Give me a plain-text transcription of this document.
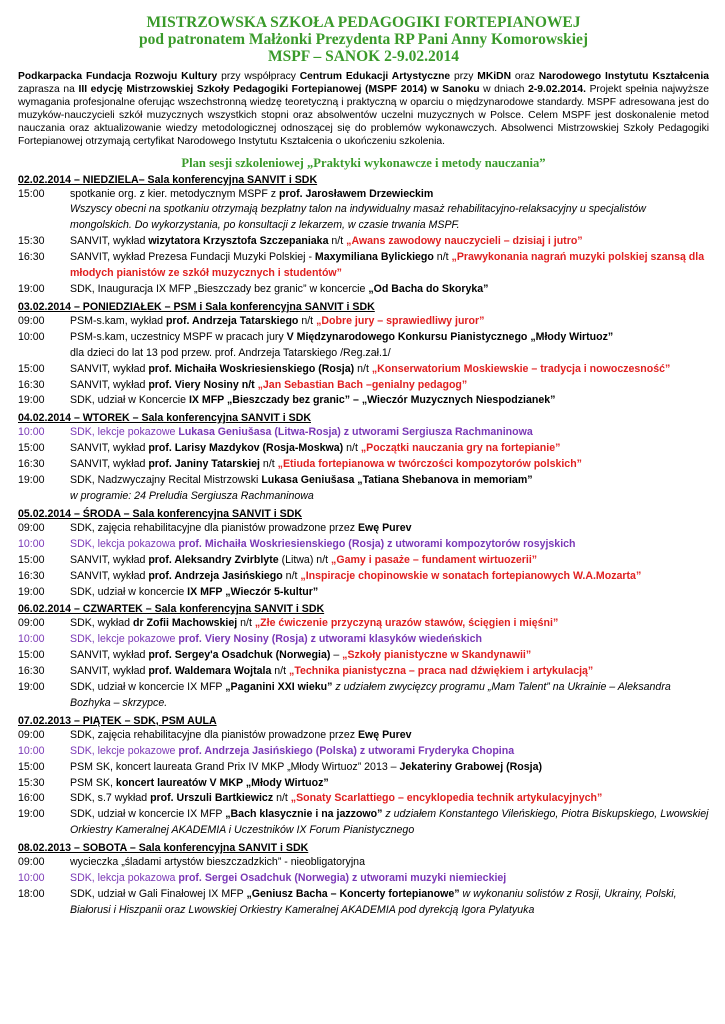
MISTRZOWSKA SZKOŁA PEDAGOGIKI FORTEPIANOWEJ
pod patronatem Małżonki Prezydenta RP Pani Anny Komorowskiej
MSPF – SANOK 2-9.02.2014
Podkarpacka Fundacja Rozwoju Kultury przy współpracy Centrum Edukacji Artystyczne przy MKiDN oraz Narodowego Instytutu Kształcenia zaprasza na III edycję Mistrzowskiej Szkoły Pedagogiki Fortepianowej (MSPF 2014) w Sanoku w dniach 2-9.02.2014. Projekt spełnia najwyższe wymagania profesjonalne oferując wszechstronną wiedzę teoretyczną i praktyczną w oparciu o międzynarodowe standardy. MSPF adresowana jest do muzyków-nauczycieli szkół muzycznych wszystkich stopni oraz absolwentów uczelni muzycznych w Polsce. Celem MSPF jest doskonalenie metod nauczania oraz aktualizowanie wiedzy metodologicznej odnoszącej się do problemów wykonawczych. Absolwenci Mistrzowskiej Szkoły Pedagogiki Fortepianowej otrzymają certyfikat Narodowego Instytutu Kształcenia o ukończeniu szkolenia.
Plan sesji szkoleniowej „Praktyki wykonawcze i metody nauczania”
02.02.2014 – NIEDZIELA– Sala konferencyjna SANVIT i SDK
15:00	spotkanie org. z kier. metodycznym MSPF z prof. Jarosławem Drzewieckim
Wszyscy obecni na spotkaniu otrzymają bezpłatny talon na indywidualny masaż rehabilitacyjno-relaksacyjny u specjalistów mongolskich. Do wykorzystania, po konsultacji z lekarzem, w czasie trwania MSPF.
15:30	SANVIT, wykład wizytatora Krzysztofa Szczepaniaka n/t „Awans zawodowy nauczycieli – dzisiaj i jutro”
16:30	SANVIT, wykład Prezesa Fundacji Muzyki Polskiej - Maxymiliana Bylickiego n/t „Prawykonania nagrań muzyki polskiej szansą dla młodych pianistów ze szkół muzycznych i studentów”
19:00	SDK, Inauguracja IX MFP „Bieszczady bez granic” w koncercie „Od Bacha do Skoryka”
03.02.2014 – PONIEDZIAŁEK – PSM i Sala konferencyjna SANVIT i SDK
09:00	PSM-s.kam, wykład prof. Andrzeja Tatarskiego n/t „Dobre jury – sprawiedliwy juror”
10:00	PSM-s.kam, uczestnicy MSPF w pracach jury V Międzynarodowego Konkursu Pianistycznego „Młody Wirtuoz”
dla dzieci do lat 13 pod przew. prof. Andrzeja Tatarskiego /Reg.zał.1/
15:00	SANVIT, wykład prof. Michaiła Woskriesienskiego (Rosja) n/t „Konserwatorium Moskiewskie – tradycja i nowoczesność”
16:30	SANVIT, wykład prof. Viery Nosiny n/t „Jan Sebastian Bach –genialny pedagog”
19:00	SDK, udział w Koncercie IX MFP „Bieszczady bez granic” – „Wieczór Muzycznych Niespodzianek”
04.02.2014 – WTOREK – Sala konferencyjna SANVIT i SDK
10:00	SDK, lekcje pokazowe Lukasa Geniušasa (Litwa-Rosja) z utworami Sergiusza Rachmaninowa
15:00	SANVIT, wykład prof. Larisy Mazdykov (Rosja-Moskwa) n/t „Początki nauczania gry na fortepianie”
16:30	SANVIT, wykład prof. Janiny Tatarskiej n/t „Etiuda fortepianowa w twórczości kompozytorów polskich”
19:00	SDK, Nadzwyczajny Recital Mistrzowski Lukasa Geniušasa „Tatiana Shebanova in memoriam”
w programie: 24 Preludia Sergiusza Rachmaninowa
05.02.2014 – ŚRODA – Sala konferencyjna SANVIT i SDK
09:00	SDK, zajęcia rehabilitacyjne dla pianistów prowadzone przez Ewę Purev
10:00	SDK, lekcja pokazowa prof. Michaiła Woskriesienskiego (Rosja) z utworami kompozytorów rosyjskich
15:00	SANVIT, wykład prof. Aleksandry Zvirblyte (Litwa) n/t „Gamy i pasaże – fundament wirtuozerii”
16:30	SANVIT, wykład prof. Andrzeja Jasińskiego n/t „Inspiracje chopinowskie w sonatach fortepianowych W.A.Mozarta”
19:00	SDK, udział w koncercie IX MFP „Wieczór 5-kultur”
06.02.2014 – CZWARTEK – Sala konferencyjna SANVIT i SDK
09:00	SDK, wykład dr Zofii Machowskiej n/t „Złe ćwiczenie przyczyną urazów stawów, ścięgien i mięśni”
10:00	SDK, lekcje pokazowe prof. Viery Nosiny (Rosja) z utworami klasyków wiedeńskich
15:00	SANVIT, wykład prof. Sergey'a Osadchuk (Norwegia) – „Szkoły pianistyczne w Skandynawii”
16:30	SANVIT, wykład prof. Waldemara Wojtala n/t „Technika pianistyczna – praca nad dźwiękiem i artykulacją”
19:00	SDK, udział w koncercie IX MFP „Paganini XXI wieku” z udziałem zwycięzcy programu „Mam Talent” na Ukrainie – Aleksandra Bozhyka – skrzypce.
07.02.2013 – PIĄTEK – SDK, PSM AULA
09:00	SDK, zajęcia rehabilitacyjne dla pianistów prowadzone przez Ewę Purev
10:00	SDK, lekcje pokazowe prof. Andrzeja Jasińskiego (Polska) z utworami Fryderyka Chopina
15:00	PSM SK, koncert laureata Grand Prix IV MKP „Młody Wirtuoz” 2013 – Jekateriny Grabowej (Rosja)
15:30	PSM SK, koncert laureatów V MKP „Młody Wirtuoz”
16:00	SDK, s.7 wykład prof. Urszuli Bartkiewicz n/t „Sonaty Scarlattiego – encyklopedia technik artykulacyjnych”
19:00	SDK, udział w koncercie IX MFP „Bach klasycznie i na jazzowo” z udziałem Konstantego Vileńskiego, Piotra Biskupskiego, Lwowskiej Orkiestry Kameralnej AKADEMIA i Uczestników IX Forum Pianistycznego
08.02.2013 – SOBOTA – Sala konferencyjna SANVIT i SDK
09:00	wycieczka „śladami artystów bieszczadzkich” - nieobligatoryjna
10:00	SDK, lekcja pokazowa prof. Sergei Osadchuk (Norwegia) z utworami muzyki niemieckiej
18:00	SDK, udział w Gali Finałowej IX MFP „Geniusz Bacha – Koncerty fortepianowe” w wykonaniu solistów z Rosji, Ukrainy, Polski, Białorusi i Hiszpanii oraz Lwowskiej Orkiestry Kameralnej AKADEMIA pod dyrekcją Igora Pylatyuka
